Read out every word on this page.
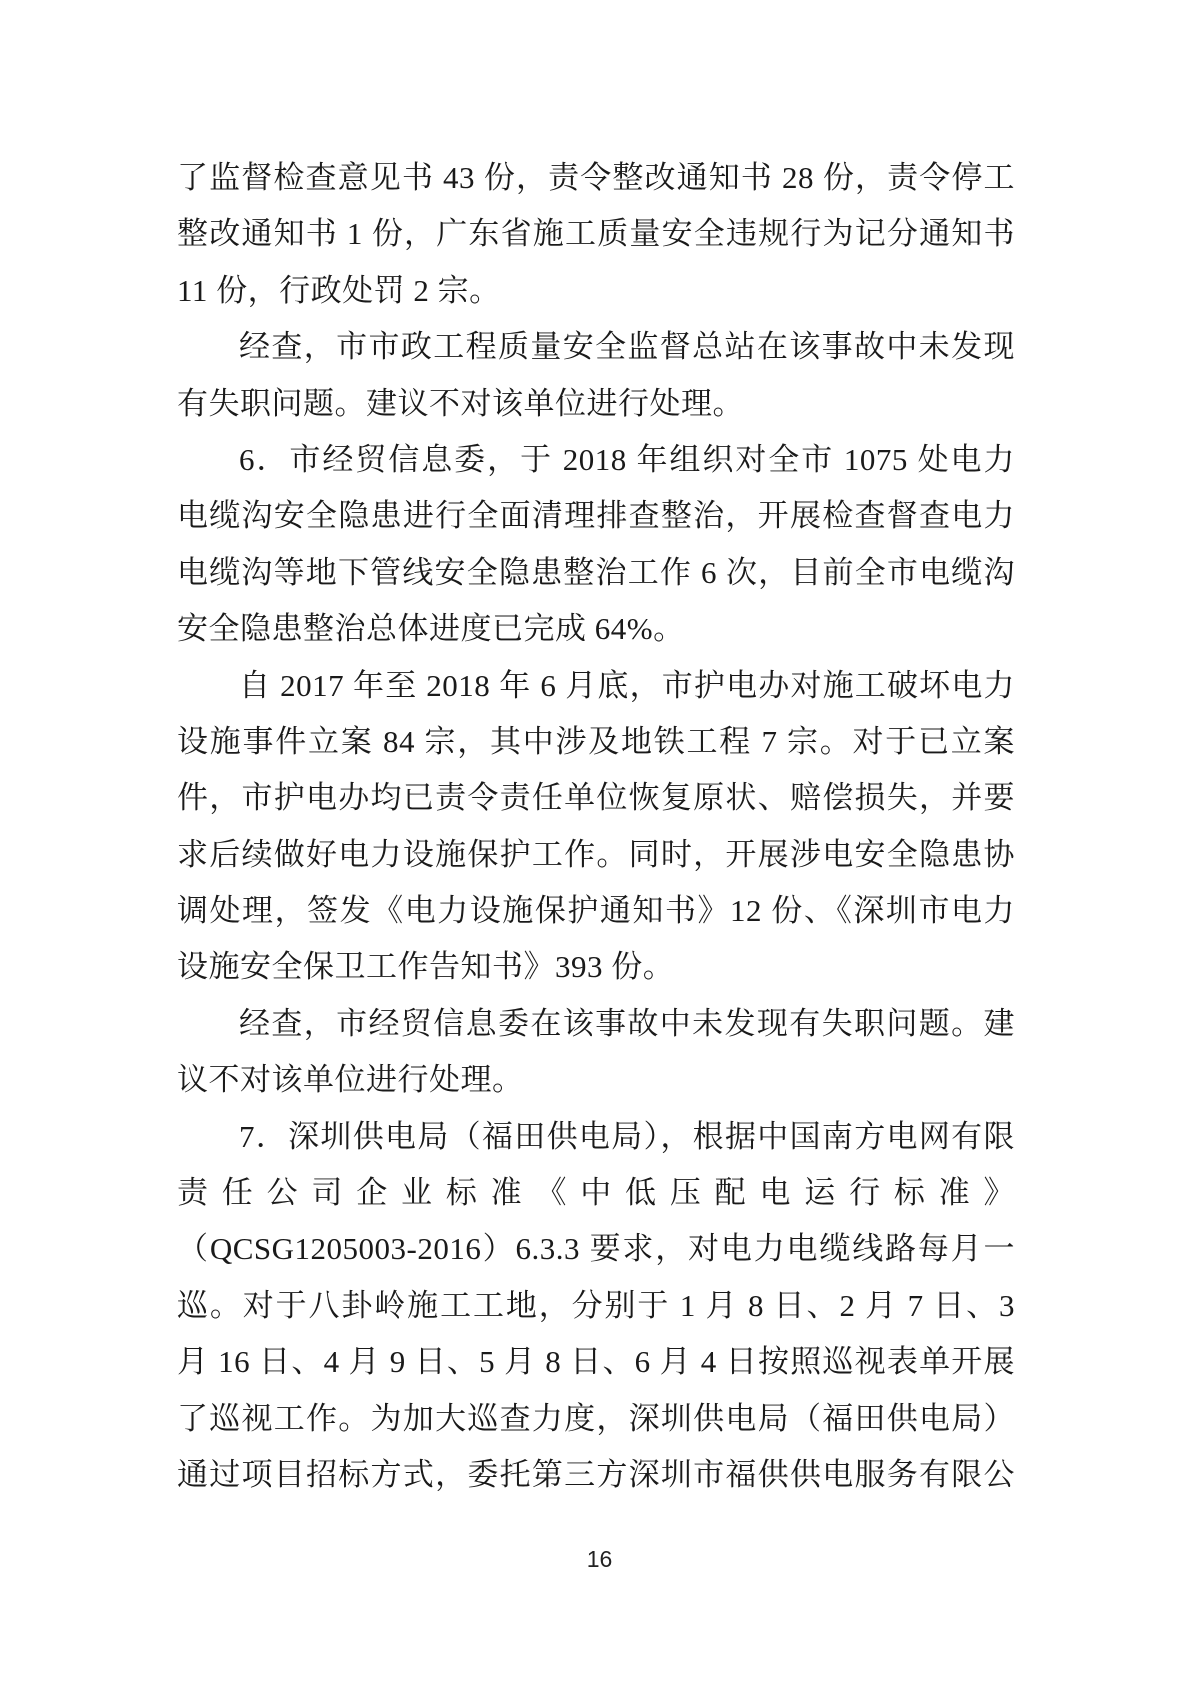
了监督检查意见书 43 份，责令整改通知书 28 份，责令停工
整改通知书 1 份，广东省施工质量安全违规行为记分通知书
11 份，行政处罚 2 宗。
经查，市市政工程质量安全监督总站在该事故中未发现
有失职问题。建议不对该单位进行处理。
6．市经贸信息委，于 2018 年组织对全市 1075 处电力
电缆沟安全隐患进行全面清理排查整治，开展检查督查电力
电缆沟等地下管线安全隐患整治工作 6 次，目前全市电缆沟
安全隐患整治总体进度已完成 64%。
自 2017 年至 2018 年 6 月底，市护电办对施工破坏电力
设施事件立案 84 宗，其中涉及地铁工程 7 宗。对于已立案
件，市护电办均已责令责任单位恢复原状、赔偿损失，并要
求后续做好电力设施保护工作。同时，开展涉电安全隐患协
调处理，签发《电力设施保护通知书》12 份、《深圳市电力
设施安全保卫工作告知书》393 份。
经查，市经贸信息委在该事故中未发现有失职问题。建
议不对该单位进行处理。
7．深圳供电局（福田供电局），根据中国南方电网有限
责任公司企业标准《中低压配电运行标准》
（QCSG1205003-2016）6.3.3 要求，对电力电缆线路每月一
巡。对于八卦岭施工工地，分别于 1 月 8 日、2 月 7 日、3
月 16 日、4 月 9 日、5 月 8 日、6 月 4 日按照巡视表单开展
了巡视工作。为加大巡查力度，深圳供电局（福田供电局）
通过项目招标方式，委托第三方深圳市福供供电服务有限公
16
